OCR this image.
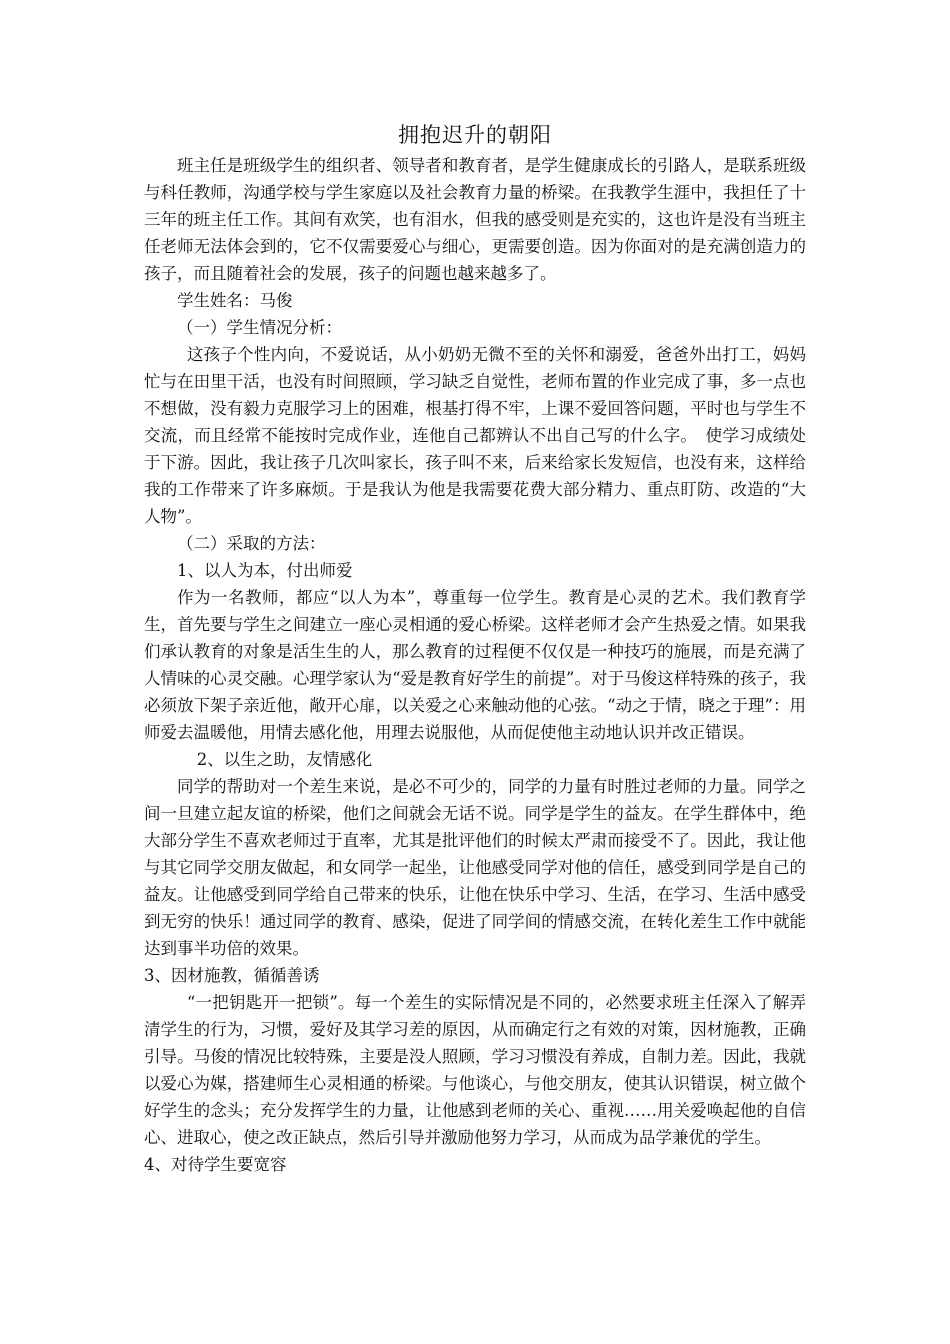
拥抱迟升的朝阳

班主任是班级学生的组织者、领导者和教育者，是学生健康成长的引路人，是联系班级与科任教师，沟通学校与学生家庭以及社会教育力量的桥梁。在我教学生涯中，我担任了十三年的班主任工作。其间有欢笑，也有泪水，但我的感受则是充实的，这也许是没有当班主任老师无法体会到的，它不仅需要爱心与细心，更需要创造。因为你面对的是充满创造力的孩子，而且随着社会的发展，孩子的问题也越来越多了。

学生姓名：马俊

（一）学生情况分析：

这孩子个性内向，不爱说话，从小奶奶无微不至的关怀和溺爱，爸爸外出打工，妈妈忙与在田里干活，也没有时间照顾，学习缺乏自觉性，老师布置的作业完成了事，多一点也不想做，没有毅力克服学习上的困难，根基打得不牢，上课不爱回答问题，平时也与学生不交流，而且经常不能按时完成作业，连他自己都辨认不出自己写的什么字。　使学习成绩处于下游。因此，我让孩子几次叫家长，孩子叫不来，后来给家长发短信，也没有来，这样给我的工作带来了许多麻烦。于是我认为他是我需要花费大部分精力、重点盯防、改造的“大人物”。

（二）采取的方法：

1、以人为本，付出师爱

作为一名教师，都应“以人为本”，尊重每一位学生。教育是心灵的艺术。我们教育学生，首先要与学生之间建立一座心灵相通的爱心桥梁。这样老师才会产生热爱之情。如果我们承认教育的对象是活生生的人，那么教育的过程便不仅仅是一种技巧的施展，而是充满了人情味的心灵交融。心理学家认为“爱是教育好学生的前提”。对于马俊这样特殊的孩子，我必须放下架子亲近他，敞开心扉，以关爱之心来触动他的心弦。“动之于情，晓之于理”：用师爱去温暖他，用情去感化他，用理去说服他，从而促使他主动地认识并改正错误。

2、以生之助，友情感化

同学的帮助对一个差生来说，是必不可少的，同学的力量有时胜过老师的力量。同学之间一旦建立起友谊的桥梁，他们之间就会无话不说。同学是学生的益友。在学生群体中，绝大部分学生不喜欢老师过于直率，尤其是批评他们的时候太严肃而接受不了。因此，我让他与其它同学交朋友做起，和女同学一起坐，让他感受同学对他的信任，感受到同学是自己的益友。让他感受到同学给自己带来的快乐，让他在快乐中学习、生活，在学习、生活中感受到无穷的快乐！通过同学的教育、感染，促进了同学间的情感交流，在转化差生工作中就能达到事半功倍的效果。

3、因材施教，循循善诱

“一把钥匙开一把锁”。每一个差生的实际情况是不同的，必然要求班主任深入了解弄清学生的行为，习惯，爱好及其学习差的原因，从而确定行之有效的对策，因材施教，正确引导。马俊的情况比较特殊，主要是没人照顾，学习习惯没有养成，自制力差。因此，我就以爱心为媒，搭建师生心灵相通的桥梁。与他谈心，与他交朋友，使其认识错误，树立做个好学生的念头；充分发挥学生的力量，让他感到老师的关心、重视……用关爱唤起他的自信心、进取心，使之改正缺点，然后引导并激励他努力学习，从而成为品学兼优的学生。

4、对待学生要宽容
